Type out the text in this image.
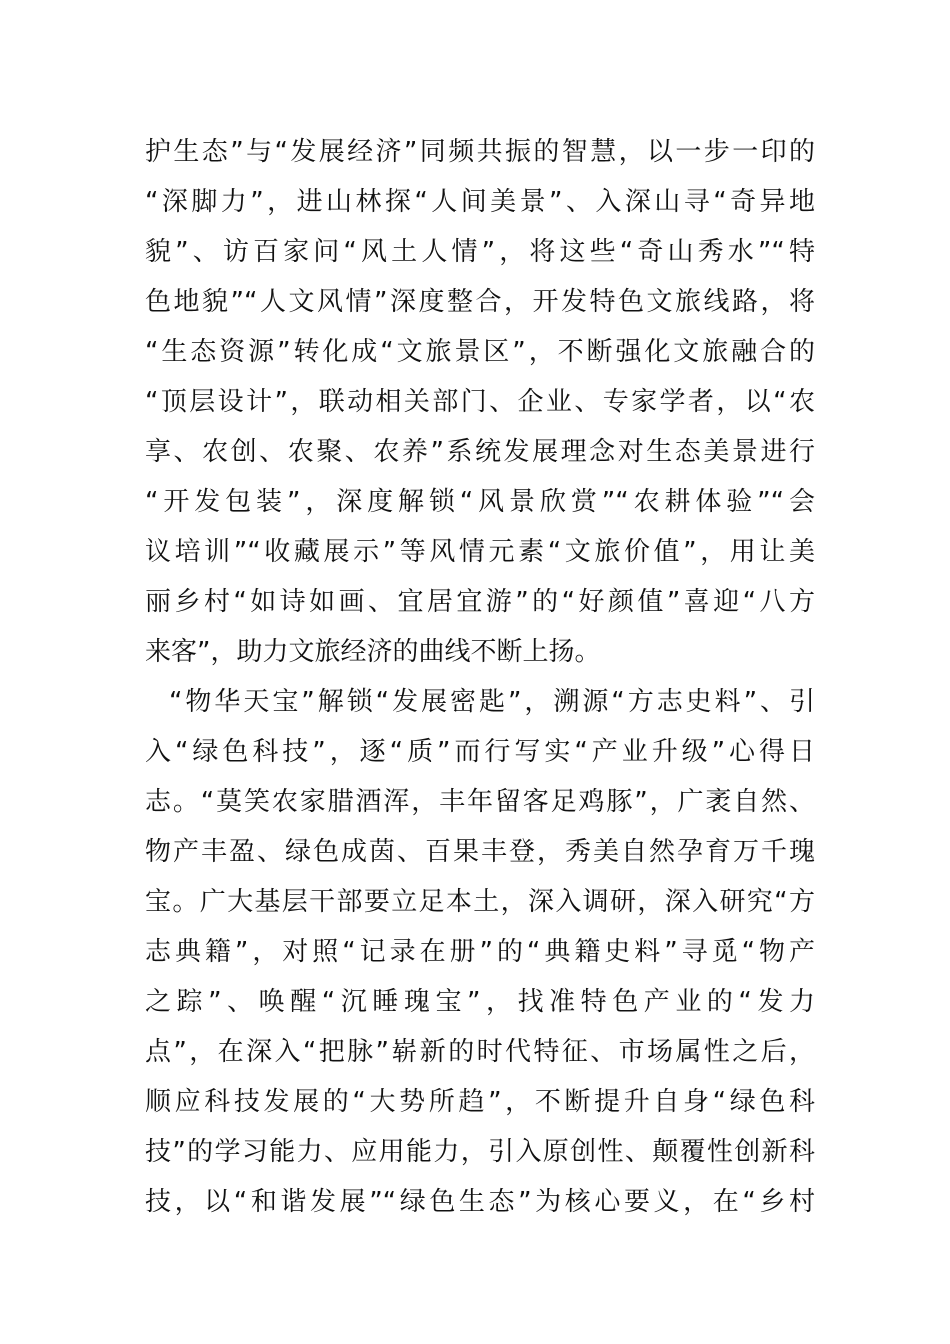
护生态”与“发展经济”同频共振的智慧，以一步一印的
“深脚力”，进山林探“人间美景”、入深山寻“奇异地
貌”、访百家问“风土人情”，将这些“奇山秀水”“特
色地貌”“人文风情”深度整合，开发特色文旅线路，将
“生态资源”转化成“文旅景区”，不断强化文旅融合的
“顶层设计”，联动相关部门、企业、专家学者，以“农
享、农创、农聚、农养”系统发展理念对生态美景进行
“开发包装”，深度解锁“风景欣赏”“农耕体验”“会
议培训”“收藏展示”等风情元素“文旅价值”，用让美
丽乡村“如诗如画、宜居宜游”的“好颜值”喜迎“八方
来客”，助力文旅经济的曲线不断上扬。
“物华天宝”解锁“发展密匙”，溯源“方志史料”、引
入“绿色科技”，逐“质”而行写实“产业升级”心得日
志。“莫笑农家腊酒浑，丰年留客足鸡豚”，广袤自然、
物产丰盈、绿色成茵、百果丰登，秀美自然孕育万千瑰
宝。广大基层干部要立足本土，深入调研，深入研究“方
志典籍”，对照“记录在册”的“典籍史料”寻觅“物产
之踪”、唤醒“沉睡瑰宝”，找准特色产业的“发力
点”，在深入“把脉”崭新的时代特征、市场属性之后，
顺应科技发展的“大势所趋”，不断提升自身“绿色科
技”的学习能力、应用能力，引入原创性、颠覆性创新科
技，以“和谐发展”“绿色生态”为核心要义，在“乡村
